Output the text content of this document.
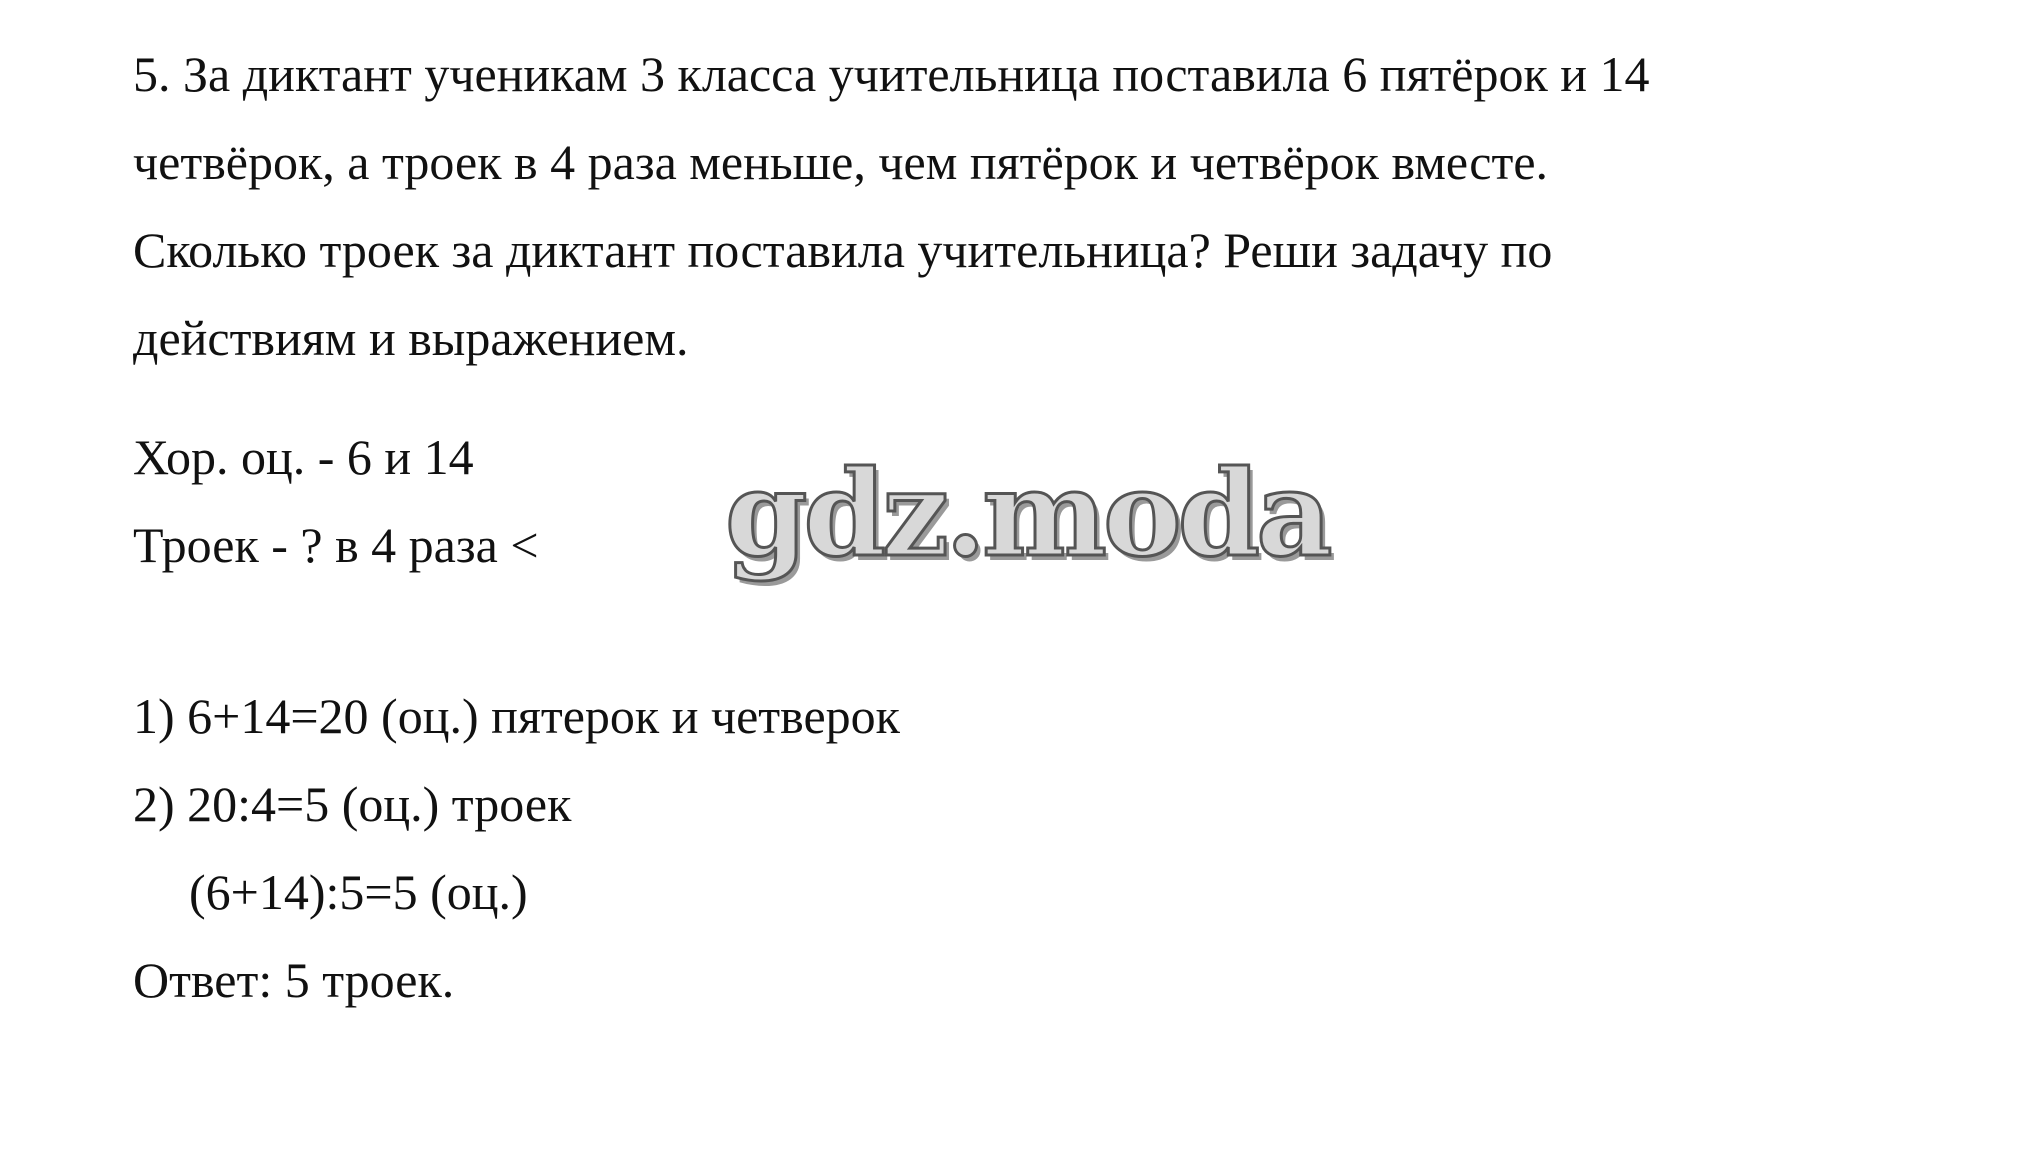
5. За диктант ученикам 3 класса учительница поставила 6 пятёрок и 14
четвёрок, а троек в 4 раза меньше, чем пятёрок и четвёрок вместе.
Сколько троек за диктант поставила учительница? Реши задачу по
действиям и выражением.
Хор. оц. - 6 и 14
Троек - ? в 4 раза < gdz.moda
1) 6+14=20 (оц.) пятерок и четверок
2) 20:4=5 (оц.) троек
(6+14):5=5 (оц.)
Ответ: 5 троек.
